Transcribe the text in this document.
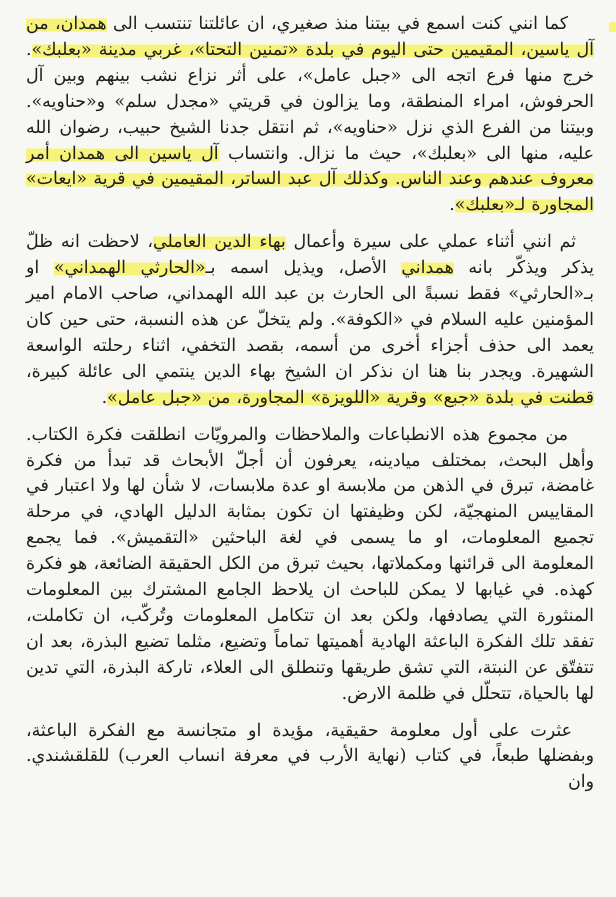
كما انني كنت اسمع في بيتنا منذ صغيري، ان عائلتنا تنتسب الى همدان، من آل ياسين، المقيمين حتى اليوم في بلدة «تمنين التحتا»، غربي مدينة «بعلبك». خرج منها فرع اتجه الى «جبل عامل»، على أثر نزاع نشب بينهم وبين آل الحرفوش، امراء المنطقة، وما يزالون في قريتي «مجدل سلم» و«حناويه». وبيتنا من الفرع الذي نزل «حناويه»، ثم انتقل جدنا الشيخ حبيب، رضوان الله عليه، منها الى «بعلبك»، حيث ما نزال. وانتساب آل ياسين الى همدان أمر معروف عندهم وعند الناس. وكذلك آل عبد الساتر، المقيمين في قرية «ايعات» المجاورة لـ«بعلبك».

ثم انني أثناء عملي على سيرة وأعمال بهاء الدين العاملي، لاحظت انه ظلّ يذكر ويذكّر بانه همداني الأصل، ويذيل اسمه بـ«الحارثي الهمداني» او بـ«الحارثي» فقط نسبةً الى الحارث بن عبد الله الهمداني، صاحب الامام امير المؤمنين عليه السلام في «الكوفة». ولم يتخلّ عن هذه النسبة، حتى حين كان يعمد الى حذف أجزاء أخرى من أسمه، بقصد التخفي، اثناء رحلته الواسعة الشهيرة. ويجدر بنا هنا ان نذكر ان الشيخ بهاء الدين ينتمي الى عائلة كبيرة، قطنت في بلدة «جبع» وقرية «اللويزة» المجاورة، من «جبل عامل».

من مجموع هذه الانطباعات والملاحظات والمرويّات انطلقت فكرة الكتاب. وأهل البحث، بمختلف ميادينه، يعرفون أن أجلّ الأبحاث قد تبدأ من فكرة غامضة، تبرق في الذهن من ملابسة او عدة ملابسات، لا شأن لها ولا اعتبار في المقاييس المنهجيّة، لكن وظيفتها ان تكون بمثابة الدليل الهادي، في مرحلة تجميع المعلومات، او ما يسمى في لغة الباحثين «التقميش». فما يجمع المعلومة الى قرائنها ومكملاتها، بحيث تبرق من الكل الحقيقة الضائعة، هو فكرة كهذه. في غيابها لا يمكن للباحث ان يلاحظ الجامع المشترك بين المعلومات المنثورة التي يصادفها، ولكن بعد ان تتكامل المعلومات وتُركّب، ان تكاملت، تفقد تلك الفكرة الباعثة الهادية أهميتها تماماً وتضيع، مثلما تضيع البذرة، بعد ان تتفتّق عن النبتة، التي تشق طريقها وتنطلق الى العلاء، تاركة البذرة، التي تدين لها بالحياة، تتحلّل في ظلمة الارض.

عثرت على أول معلومة حقيقية، مؤيدة او متجانسة مع الفكرة الباعثة، وبفضلها طبعاً، في كتاب (نهاية الأرب في معرفة انساب العرب) للقلقشندي. وان
